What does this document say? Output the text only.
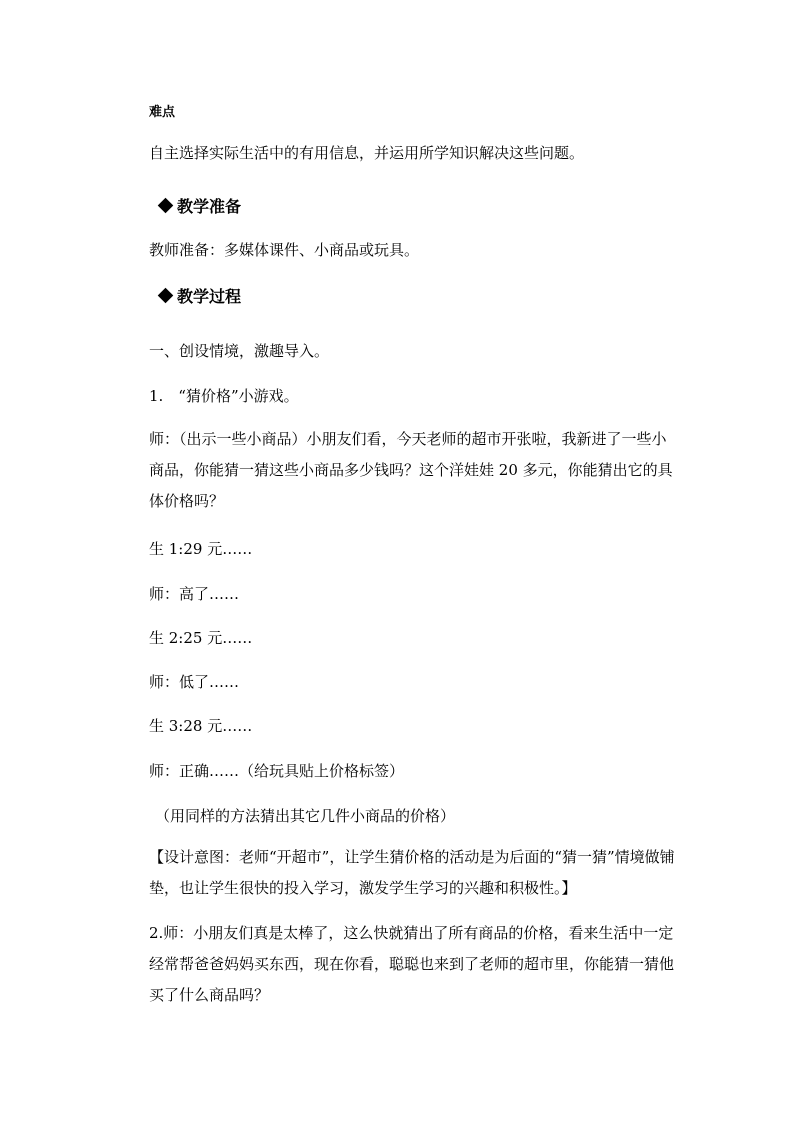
难点
自主选择实际生活中的有用信息，并运用所学知识解决这些问题。
教学准备
教师准备：多媒体课件、小商品或玩具。
教学过程
一、创设情境，激趣导入。
1.　“猜价格”小游戏。
师：（出示一些小商品）小朋友们看，今天老师的超市开张啦，我新进了一些小商品，你能猜一猜这些小商品多少钱吗？这个洋娃娃 20 多元，你能猜出它的具体价格吗？
生 1:29 元……
师：高了……
生 2:25 元……
师：低了……
生 3:28 元……
师：正确……（给玩具贴上价格标签）
（用同样的方法猜出其它几件小商品的价格）
【设计意图：老师“开超市”，让学生猜价格的活动是为后面的“猜一猜”情境做铺垫，也让学生很快的投入学习，激发学生学习的兴趣和积极性。】
2.师：小朋友们真是太棒了，这么快就猜出了所有商品的价格，看来生活中一定经常帮爸爸妈妈买东西，现在你看，聪聪也来到了老师的超市里，你能猜一猜他买了什么商品吗？
